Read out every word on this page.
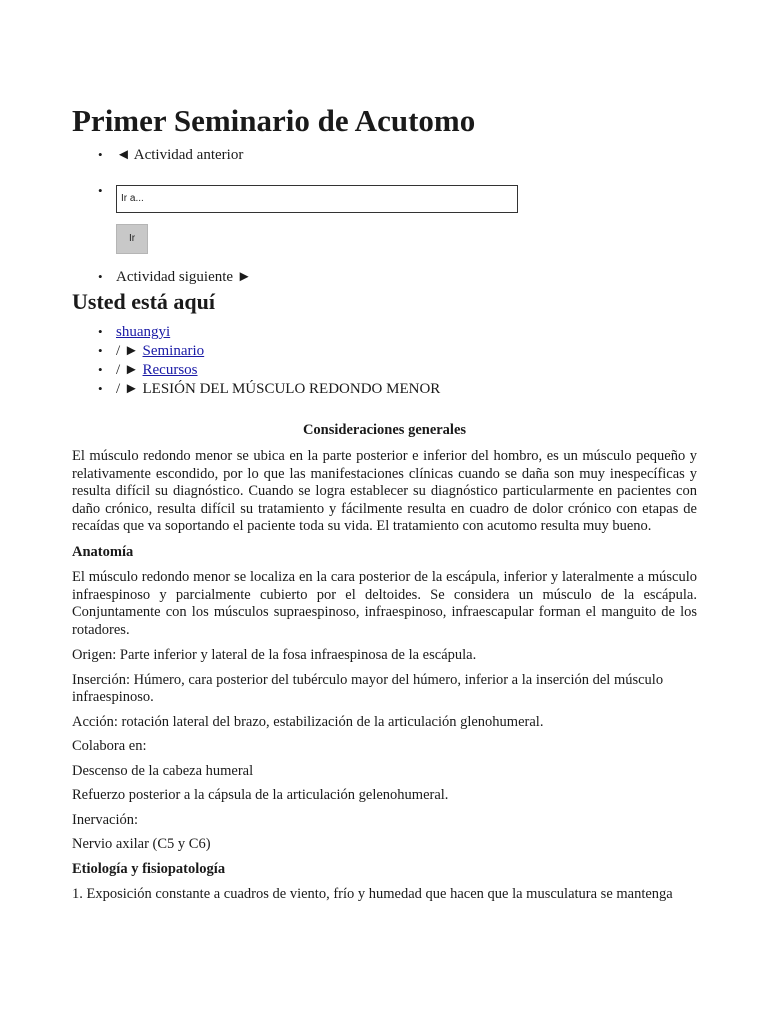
Primer Seminario de Acutomo
• ◄ Actividad anterior
•
Ir a...
Ir
• Actividad siguiente ►
Usted está aquí
• shuangyi
• / ► Seminario
• / ► Recursos
• / ► LESIÓN DEL MÚSCULO REDONDO MENOR

Consideraciones generales

El músculo redondo menor se ubica en la parte posterior e inferior del hombro, es un músculo pequeño y relativamente escondido, por lo que las manifestaciones clínicas cuando se daña son muy inespecíficas y resulta difícil su diagnóstico. Cuando se logra establecer su diagnóstico particularmente en pacientes con daño crónico, resulta difícil su tratamiento y fácilmente resulta en cuadro de dolor crónico con etapas de recaídas que va soportando el paciente toda su vida. El tratamiento con acutomo resulta muy bueno.

Anatomía

El músculo redondo menor se localiza en la cara posterior de la escápula, inferior y lateralmente a músculo infraespinoso y parcialmente cubierto por el deltoides. Se considera un músculo de la escápula. Conjuntamente con los músculos supraespinoso, infraespinoso, infraescapular forman el manguito de los rotadores.

Origen: Parte inferior y lateral de la fosa infraespinosa de la escápula.

Inserción: Húmero, cara posterior del tubérculo mayor del húmero, inferior a la inserción del músculo infraespinoso.

Acción: rotación lateral del brazo, estabilización de la articulación glenohumeral.

Colabora en:

Descenso de la cabeza humeral

Refuerzo posterior a la cápsula de la articulación gelenohumeral.

Inervación:

Nervio axilar (C5 y C6)

Etiología y fisiopatología

1. Exposición constante a cuadros de viento, frío y humedad que hacen que la musculatura se mantenga
